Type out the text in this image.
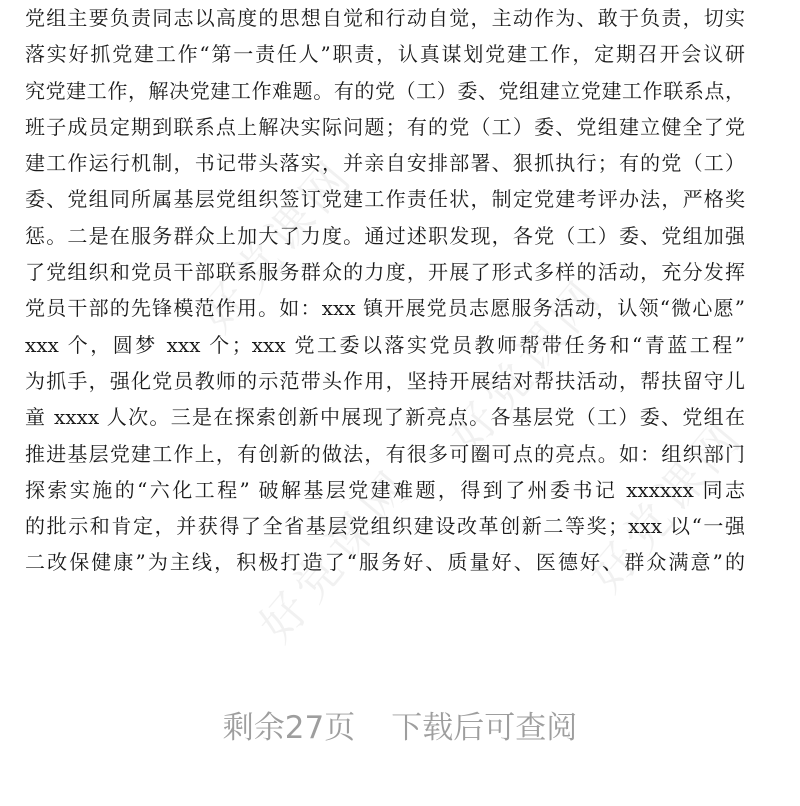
好党课网
好党课网
好党课网	好党课网
党组主要负责同志以高度的思想自觉和行动自觉，主动作为、敢于负责，切实
落实好抓党建工作“第一责任人”职责，认真谋划党建工作，定期召开会议研
究党建工作，解决党建工作难题。有的党（工）委、党组建立党建工作联系点，
班子成员定期到联系点上解决实际问题；有的党（工）委、党组建立健全了党
建工作运行机制，书记带头落实，并亲自安排部署、狠抓执行；有的党（工）
委、党组同所属基层党组织签订党建工作责任状，制定党建考评办法，严格奖
惩。二是在服务群众上加大了力度。通过述职发现，各党（工）委、党组加强
了党组织和党员干部联系服务群众的力度，开展了形式多样的活动，充分发挥
党员干部的先锋模范作用。如：xxx 镇开展党员志愿服务活动，认领“微心愿”
xxx 个，圆梦 xxx 个；xxx 党工委以落实党员教师帮带任务和“青蓝工程”
为抓手，强化党员教师的示范带头作用，坚持开展结对帮扶活动，帮扶留守儿
童 xxxx 人次。三是在探索创新中展现了新亮点。各基层党（工）委、党组在
推进基层党建工作上，有创新的做法，有很多可圈可点的亮点。如：组织部门
探索实施的“六化工程” 破解基层党建难题，得到了州委书记 xxxxxx 同志
的批示和肯定，并获得了全省基层党组织建设改革创新二等奖；xxx 以“一强
二改保健康”为主线，积极打造了“服务好、质量好、医德好、群众满意”的
剩余27页 下载后可查阅
